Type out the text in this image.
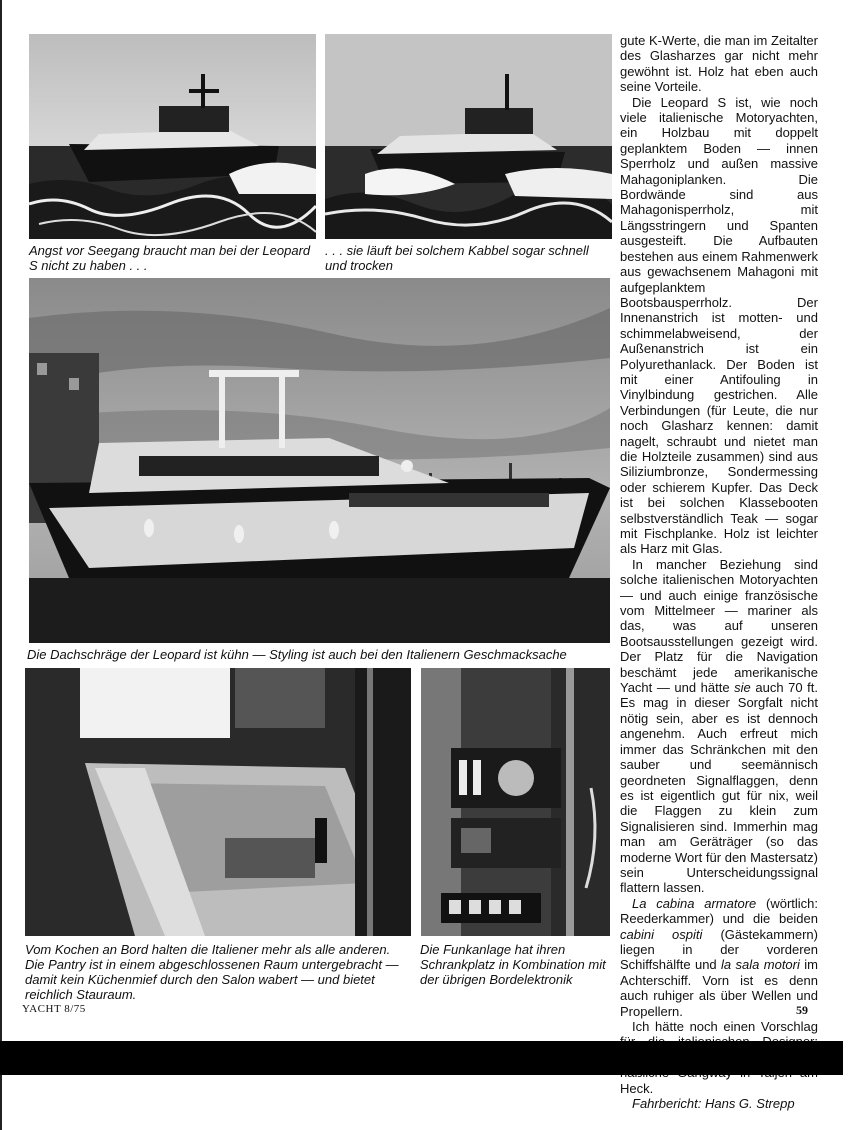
Angst vor Seegang braucht man bei der Leopard S nicht zu haben . . .
. . . sie läuft bei solchem Kabbel sogar schnell und trocken
Die Dachschräge der Leopard ist kühn — Styling ist auch bei den Italienern Geschmacksache
Vom Kochen an Bord halten die Italiener mehr als alle anderen. Die Pantry ist in einem abgeschlossenen Raum untergebracht — damit kein Küchenmief durch den Salon wabert — und bietet reichlich Stauraum.
Die Funkanlage hat ihren Schrankplatz in Kombination mit der übrigen Bordelektronik

gute K-Werte, die man im Zeitalter des Glasharzes gar nicht mehr gewöhnt ist. Holz hat eben auch seine Vorteile.

Die Leopard S ist, wie noch viele italienische Motoryachten, ein Holzbau mit doppelt geplanktem Boden — innen Sperrholz und außen massive Mahagoniplanken. Die Bordwände sind aus Mahagonisperrholz, mit Längsstringern und Spanten ausgesteift. Die Aufbauten bestehen aus einem Rahmenwerk aus gewachsenem Mahagoni mit aufgeplanktem Bootsbausperrholz. Der Innenanstrich ist motten- und schimmelabweisend, der Außenanstrich ist ein Polyurethanlack. Der Boden ist mit einer Antifouling in Vinylbindung gestrichen. Alle Verbindungen (für Leute, die nur noch Glasharz kennen: damit nagelt, schraubt und nietet man die Holzteile zusammen) sind aus Siliziumbronze, Sondermessing oder schierem Kupfer. Das Deck ist bei solchen Klassebooten selbstverständlich Teak — sogar mit Fischplanke. Holz ist leichter als Harz mit Glas.

In mancher Beziehung sind solche italienischen Motoryachten — und auch einige französische vom Mittelmeer — mariner als das, was auf unseren Bootsausstellungen gezeigt wird. Der Platz für die Navigation beschämt jede amerikanische Yacht — und hätte sie auch 70 ft. Es mag in dieser Sorgfalt nicht nötig sein, aber es ist dennoch angenehm. Auch erfreut mich immer das Schränkchen mit den sauber und seemännisch geordneten Signalflaggen, denn es ist eigentlich gut für nix, weil die Flaggen zu klein zum Signalisieren sind. Immerhin mag man am Geräträger (so das moderne Wort für den Mastersatz) sein Unterscheidungssignal flattern lassen.

La cabina armatore (wörtlich: Reederkammer) und die beiden cabini ospiti (Gästekammern) liegen in der vorderen Schiffshälfte und la sala motori im Achterschiff. Vorn ist es denn auch ruhiger als über Wellen und Propellern.

Ich hätte noch einen Vorschlag Heck.

Fahrbericht: Hans G. Strepp

YACHT 8/75	59
